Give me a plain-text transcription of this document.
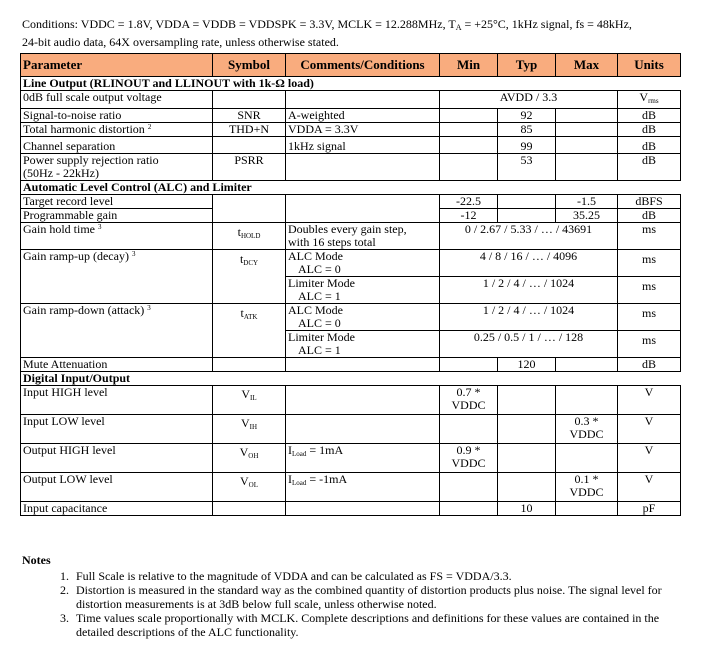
Conditions: VDDC = 1.8V, VDDA = VDDB = VDDSPK = 3.3V, MCLK = 12.288MHz, $T_A = +25^\circ C$, 1kHz signal, fs = 48kHz,
24-bit audio data, 64X oversampling rate, unless otherwise stated.
Parameter	Symbol	Comments/Conditions	Min	Typ	Max	Units
Line Output (RLINOUT and LLINOUT with 1k-Ω load)						
0dB full scale output voltage			AVDD / 3.3			Vrms
Signal-to-noise ratio	SNR	A-weighted		92		dB
Total harmonic distortion $^2$	THD+N	VDDA = 3.3V		85		dB
Channel separation		1kHz signal		99		dB
Power supply rejection ratio
(50Hz - 22kHz)	PSRR			53		dB
Automatic Level Control (ALC) and Limiter						
Target record level			-22.5		-1.5	dBFS
Programmable gain			-12		35.25	dB
Gain hold time $^3$	tHOLD	Doubles every gain step,
with 16 steps total	0 / 2.67 / 5.33 / … / 43691			ms
Gain ramp-up (decay) $^3$	tDCY	ALC Mode
ALC = 0	4 / 8 / 16 / … / 4096			ms
		Limiter Mode
ALC = 1	1 / 2 / 4 / … / 1024			ms
Gain ramp-down (attack) $^3$	tATK	ALC Mode
ALC = 0	1 / 2 / 4 / … / 1024			ms
		Limiter Mode
ALC = 1	0.25 / 0.5 / 1 / … / 128			ms
Mute Attenuation				120		dB
Digital Input/Output						
Input HIGH level	VIL		0.7 *
VDDC			V
Input LOW level	VIH				0.3 *
VDDC	V
Output HIGH level	VOH	ILoad = 1mA	0.9 *
VDDC			V
Output LOW level	VOL	ILoad = -1mA			0.1 *
VDDC	V
Input capacitance				10		pF
Notes
1. Full Scale is relative to the magnitude of VDDA and can be calculated as FS = VDDA/3.3.
2. Distortion is measured in the standard way as the combined quantity of distortion products plus noise. The signal level for distortion measurements is at 3dB below full scale, unless otherwise noted.
3. Time values scale proportionally with MCLK. Complete descriptions and definitions for these values are contained in the detailed descriptions of the ALC functionality.
